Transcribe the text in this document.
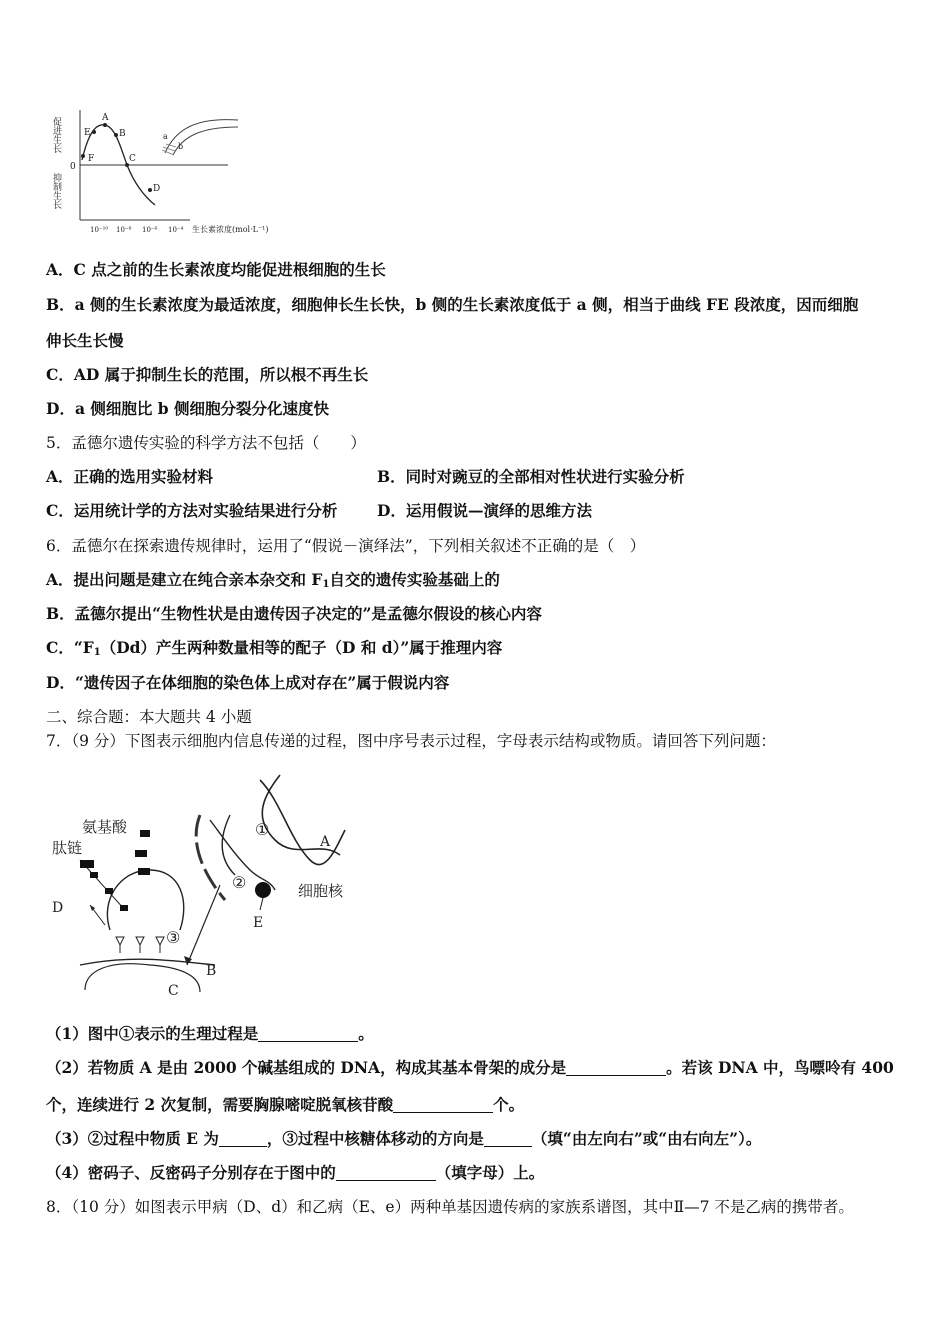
促进生长
0
抑制生长
A
E	B
F	C
D
a
b
10⁻¹⁰ 10⁻⁸ 10⁻⁶ 10⁻⁴ 生长素浓度(mol·L⁻¹)
A．C 点之前的生长素浓度均能促进根细胞的生长
B．a 侧的生长素浓度为最适浓度，细胞伸长生长快，b 侧的生长素浓度低于 a 侧，相当于曲线 FE 段浓度，因而细胞
伸长生长慢
C．AD 属于抑制生长的范围，所以根不再生长
D．a 侧细胞比 b 侧细胞分裂分化速度快
5．孟德尔遗传实验的科学方法不包括（　　）
A．正确的选用实验材料	B．同时对豌豆的全部相对性状进行实验分析
C．运用统计学的方法对实验结果进行分析	D．运用假说—演绎的思维方法
6．孟德尔在探索遗传规律时，运用了“假说－演绎法”，下列相关叙述不正确的是（　）
A．提出问题是建立在纯合亲本杂交和 $F_1$自交的遗传实验基础上的
B．孟德尔提出“生物性状是由遗传因子决定的”是孟德尔假设的核心内容
C．“$F_1(Dd)$产生两种数量相等的配子（D 和 d）”属于推理内容
D．“遗传因子在体细胞的染色体上成对存在”属于假说内容
二、综合题：本大题共 4 小题
7．（9 分）下图表示细胞内信息传递的过程，图中序号表示过程，字母表示结构或物质。请回答下列问题：
氨基酸
肽链
D
A
细胞核
E
B
C
①
②
③
（1）图中①表示的生理过程是	。
（2）若物质 A 是由 2000 个碱基组成的 DNA，构成其基本骨架的成分是	。若该 DNA 中，鸟嘌呤有 400
个，连续进行 2 次复制，需要胸腺嘧啶脱氧核苷酸	个。
（3）②过程中物质 E 为	，③过程中核糖体移动的方向是	（填“由左向右”或“由右向左”）。
（4）密码子、反密码子分别存在于图中的	（填字母）上。
8．（10 分）如图表示甲病（D、d）和乙病（E、e）两种单基因遗传病的家族系谱图，其中Ⅱ—7 不是乙病的携带者。
